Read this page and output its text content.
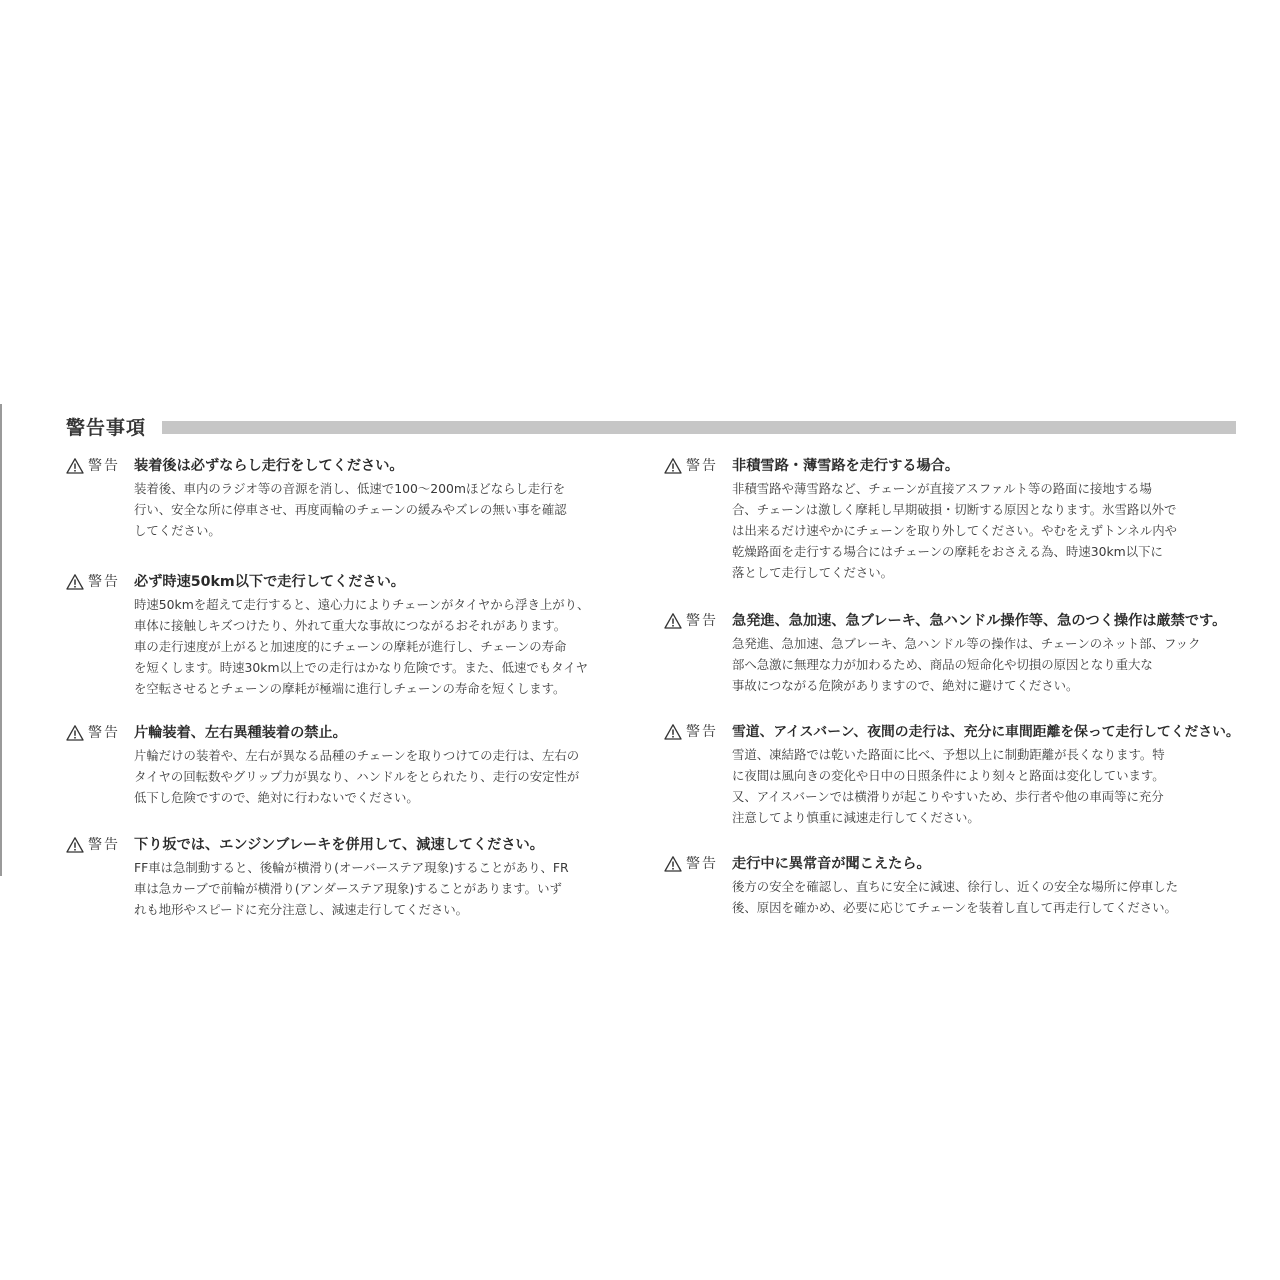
警告事項
警告 装着後は必ずならし走行をしてください。
装着後、車内のラジオ等の音源を消し、低速で100〜200mほどならし走行を
行い、安全な所に停車させ、再度両輪のチェーンの緩みやズレの無い事を確認
してください。
警告 必ず時速50km以下で走行してください。
時速50kmを超えて走行すると、遠心力によりチェーンがタイヤから浮き上がり、
車体に接触しキズつけたり、外れて重大な事故につながるおそれがあります。
車の走行速度が上がると加速度的にチェーンの摩耗が進行し、チェーンの寿命
を短くします。時速30km以上での走行はかなり危険です。また、低速でもタイヤ
を空転させるとチェーンの摩耗が極端に進行しチェーンの寿命を短くします。
警告 片輪装着、左右異種装着の禁止。
片輪だけの装着や、左右が異なる品種のチェーンを取りつけての走行は、左右の
タイヤの回転数やグリップ力が異なり、ハンドルをとられたり、走行の安定性が
低下し危険ですので、絶対に行わないでください。
警告 下り坂では、エンジンブレーキを併用して、減速してください。
FF車は急制動すると、後輪が横滑り(オーバーステア現象)することがあり、FR
車は急カーブで前輪が横滑り(アンダーステア現象)することがあります。いず
れも地形やスピードに充分注意し、減速走行してください。
警告 非積雪路・薄雪路を走行する場合。
非積雪路や薄雪路など、チェーンが直接アスファルト等の路面に接地する場
合、チェーンは激しく摩耗し早期破損・切断する原因となります。氷雪路以外で
は出来るだけ速やかにチェーンを取り外してください。やむをえずトンネル内や
乾燥路面を走行する場合にはチェーンの摩耗をおさえる為、時速30km以下に
落として走行してください。
警告 急発進、急加速、急ブレーキ、急ハンドル操作等、急のつく操作は厳禁です。
急発進、急加速、急ブレーキ、急ハンドル等の操作は、チェーンのネット部、フック
部へ急激に無理な力が加わるため、商品の短命化や切損の原因となり重大な
事故につながる危険がありますので、絶対に避けてください。
警告	雪道、アイスバーン、夜間の走行は、充分に車間距離を保って走行してください。
雪道、凍結路では乾いた路面に比べ、予想以上に制動距離が長くなります。特
に夜間は風向きの変化や日中の日照条件により刻々と路面は変化しています。
又、アイスバーンでは横滑りが起こりやすいため、歩行者や他の車両等に充分
注意してより慎重に減速走行してください。
警告 走行中に異常音が聞こえたら。
後方の安全を確認し、直ちに安全に減速、徐行し、近くの安全な場所に停車した
後、原因を確かめ、必要に応じてチェーンを装着し直して再走行してください。
